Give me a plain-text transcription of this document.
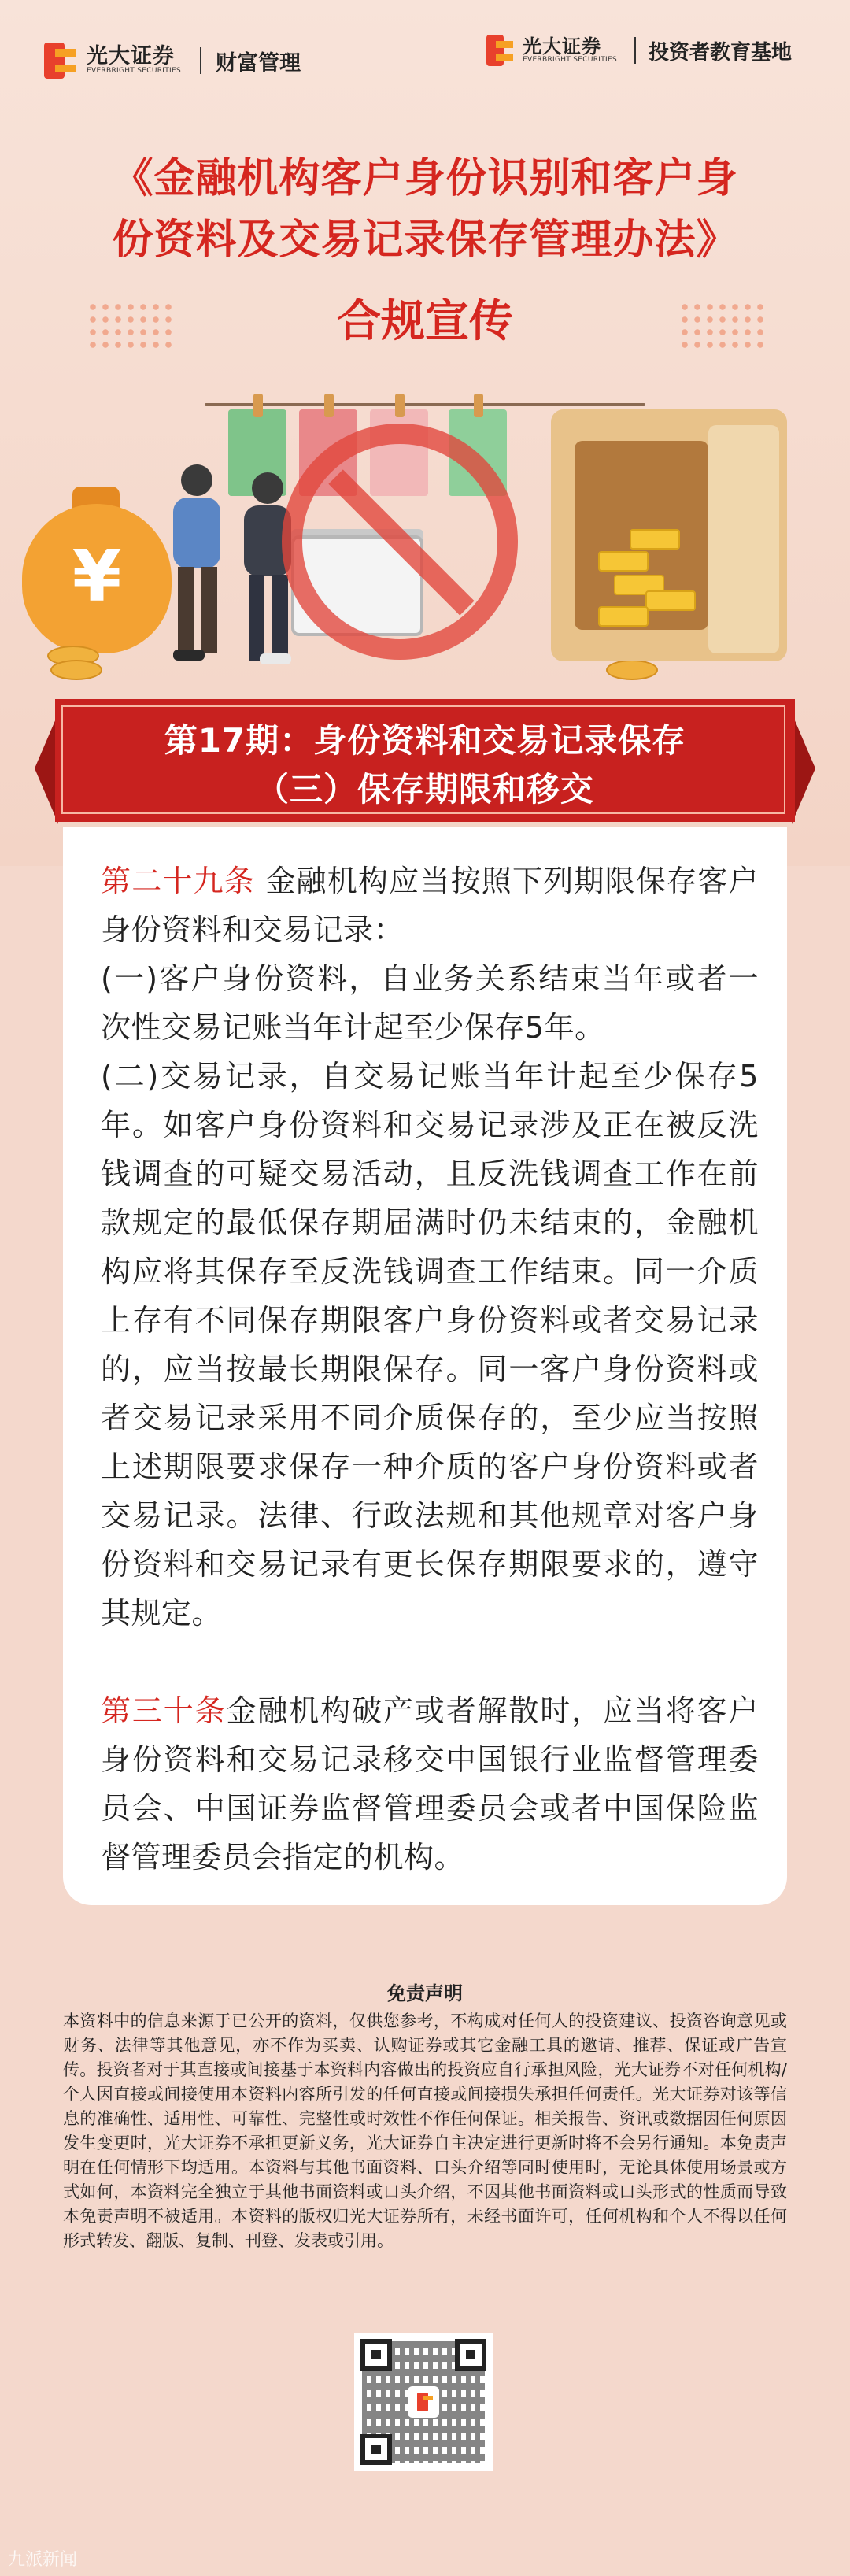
光大证券
EVERBRIGHT SECURITIES 财富管理
光大证券
EVERBRIGHT SECURITIES 投资者教育基地
《金融机构客户身份识别和客户身
份资料及交易记录保存管理办法》
合规宣传
¥
第17期：身份资料和交易记录保存
（三）保存期限和移交

第二十九条 金融机构应当按照下列期限保存客户身份资料和交易记录：

(一)客户身份资料，自业务关系结束当年或者一次性交易记账当年计起至少保存5年。

(二)交易记录，自交易记账当年计起至少保存5年。如客户身份资料和交易记录涉及正在被反洗钱调查的可疑交易活动，且反洗钱调查工作在前款规定的最低保存期届满时仍未结束的，金融机构应将其保存至反洗钱调查工作结束。同一介质上存有不同保存期限客户身份资料或者交易记录的，应当按最长期限保存。同一客户身份资料或者交易记录采用不同介质保存的，至少应当按照上述期限要求保存一种介质的客户身份资料或者交易记录。法律、行政法规和其他规章对客户身份资料和交易记录有更长保存期限要求的，遵守其规定。

第三十条金融机构破产或者解散时，应当将客户身份资料和交易记录移交中国银行业监督管理委员会、中国证券监督管理委员会或者中国保险监督管理委员会指定的机构。

免责声明
本资料中的信息来源于已公开的资料，仅供您参考，不构成对任何人的投资建议、投资咨询意见或财务、法律等其他意见，亦不作为买卖、认购证券或其它金融工具的邀请、推荐、保证或广告宣传。投资者对于其直接或间接基于本资料内容做出的投资应自行承担风险，光大证券不对任何机构/个人因直接或间接使用本资料内容所引发的任何直接或间接损失承担任何责任。光大证券对该等信息的准确性、适用性、可靠性、完整性或时效性不作任何保证。相关报告、资讯或数据因任何原因发生变更时，光大证券不承担更新义务，光大证券自主决定进行更新时将不会另行通知。本免责声明在任何情形下均适用。本资料与其他书面资料、口头介绍等同时使用时，无论具体使用场景或方式如何，本资料完全独立于其他书面资料或口头介绍，不因其他书面资料或口头形式的性质而导致本免责声明不被适用。本资料的版权归光大证券所有，未经书面许可，任何机构和个人不得以任何形式转发、翻版、复制、刊登、发表或引用。
九派新闻
